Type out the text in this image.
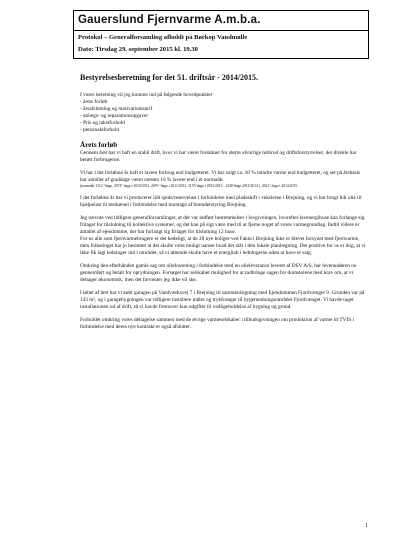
Gauerslund Fjernvarme A.m.b.a.
Protokol – Generalforsamling afholdt på Børkop Vandmølle
Dato: Tirsdag 29. september 2015 kl. 19.30
Bestyrelsesberetning for det 51. driftsår - 2014/2015.

I vores beretning vil jeg komme ind på følgende hovedpunkter

- årets forløb
- årsafslutning og motivationstarif
- anlægs- og reparationsopgaver
- Pris og takstforhold
- personaleforhold
Årets forløb

Gennem året har vi haft en stabil drift, hvor vi har været forskånet for større alvorlige rørbrud og driftsforstyrrelser, der direkte har berørt forbrugerne.

Vi har i det forløbne år haft et lavere forbrug end budgetteret. Vi har solgt ca. 10 % mindre varme end budgetteret, og set på årsbasis har antallet af graddage været næsten 16 % lavere end i et normalår.

(normalår 3112 °dage, 3074° dage i 2010/2011, 2676 °dage i 2011/2012, 3155°dage i 2012/2013 , 2436°dage 2013/2014 ), 2621° dage i 2014/2015.

I det forløbne år har vi produceret lidt spids/reservelast i forbindelse med pladeskift i vekslerne i Brejning, og vi har brugt lidt olie til hjælpelast til testkørsel i forbindelse med montage af brænderstyring Brejning.

Jeg nævnte ved tidligere generalforsamlinger, at der var indført bestemmelser i lovgivningen, hvorefter lavenergihuse kan forlange sig fritaget for tilslutning til kollektive systemer, og det kan på sigt være med til at fjerne noget af vores varmegrundlag. Indtil videre er antallet af ejendomme, der har forlangt sig fritaget for tilslutning 12 huse.

For os alle som fjernvarmebrugere er det kedeligt, at de 20 nye boliger ved Fakta i Brejning ikke er blevet forsynet med fjernvarme, men folketinget har jo besluttet at det skulle være muligt uanset hvad der står i den lokale planlægning. Det positive for os er dog, at vi ikke fik lagt ledninger ind i området, så vi løbende skulle have et energitab i ledningerne uden at have et salg.

Omkring den efterhånden gamle sag om oliefourening i forbindelse med en olieleverance leveret af DSV A/S, har leverandøren nu gennemført og betalt for oprydningen. Forsøget har selskabet mulighed for at indbringe sagen for domstolene med krav om, at vi deltager økonomisk, men det forventer jeg ikke vil ske.

I løbet af året har vi købt garagen på Vandværksvej 7 i Brejning til sammenlægning med Ejendommen Fjordvænget 9. Grunden var på 143 m², og i garagebygningen var tidligere installere måler og trykforøger til bygemodningsområdet Fjordvænget. Vi havde taget installationen ud af drift, så vi havde fremover kun udgifter til vedligeholdelse af bygning og grund.

Forholdet omkring vores deltagelse sammen med de øvrige varmeselskaber i tilbudsgivningen om produktion af varme til TVIS i forbindelse med deres nye kontrakt er også afsluttet.

1
